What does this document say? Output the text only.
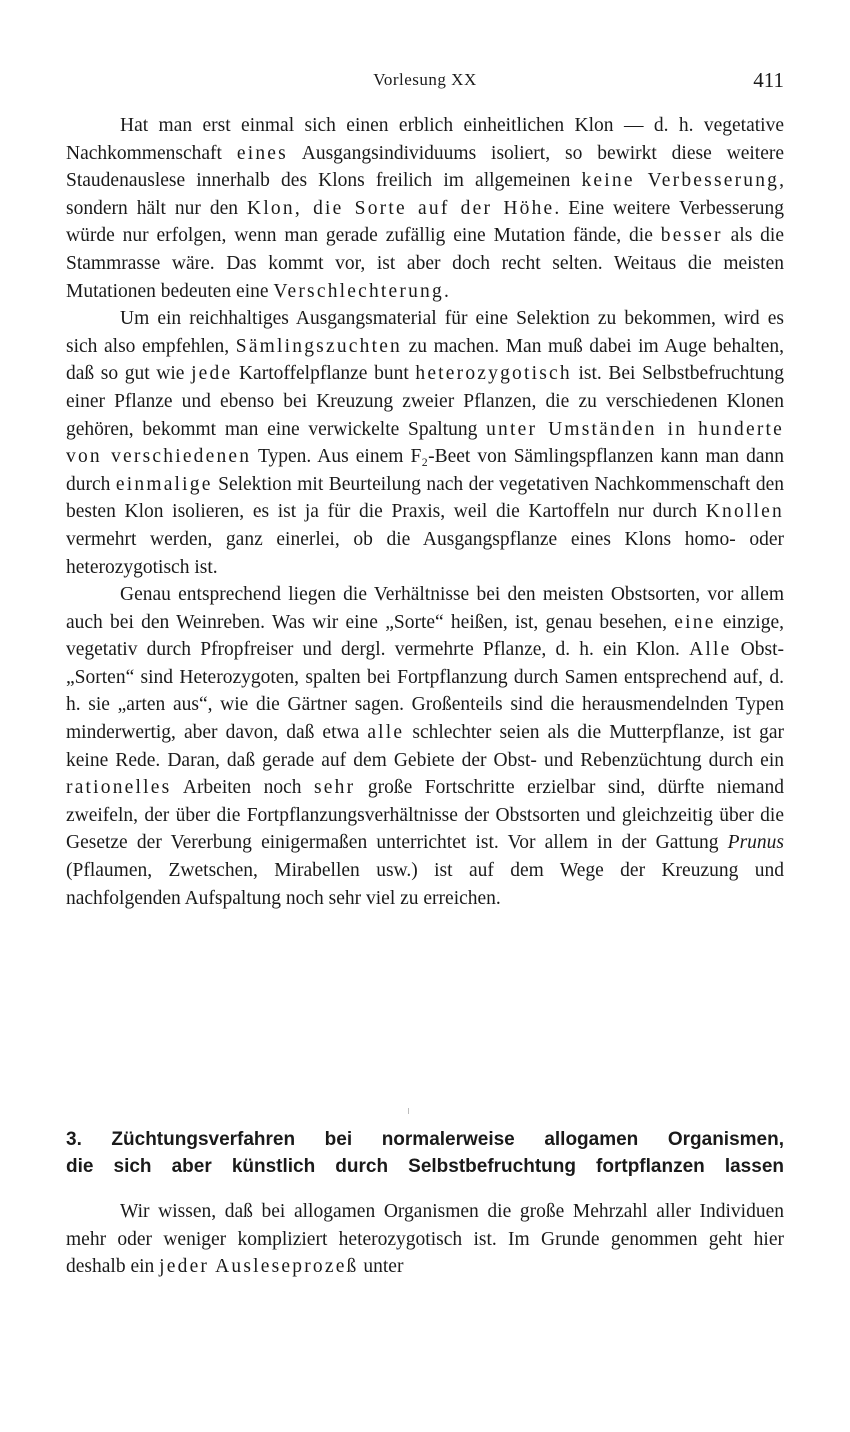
Vorlesung XX	411

Hat man erst einmal sich einen erblich einheitlichen Klon — d. h. vegetative Nachkommenschaft eines Ausgangsindividuums isoliert, so bewirkt diese weitere Staudenauslese innerhalb des Klons freilich im allgemeinen keine Verbesserung, sondern hält nur den Klon, die Sorte auf der Höhe. Eine weitere Verbesserung würde nur erfolgen, wenn man gerade zufällig eine Mutation fände, die besser als die Stammrasse wäre. Das kommt vor, ist aber doch recht selten. Weitaus die meisten Mutationen bedeuten eine Verschlechterung.

Um ein reichhaltiges Ausgangsmaterial für eine Selektion zu bekommen, wird es sich also empfehlen, Sämlingszuchten zu machen. Man muß dabei im Auge behalten, daß so gut wie jede Kartoffelpflanze bunt heterozygotisch ist. Bei Selbstbefruchtung einer Pflanze und ebenso bei Kreuzung zweier Pflanzen, die zu verschiedenen Klonen gehören, bekommt man eine verwickelte Spaltung unter Umständen in hunderte von verschiedenen Typen. Aus einem F₂-Beet von Sämlingspflanzen kann man dann durch einmalige Selektion mit Beurteilung nach der vegetativen Nachkommenschaft den besten Klon isolieren, es ist ja für die Praxis, weil die Kartoffeln nur durch Knollen vermehrt werden, ganz einerlei, ob die Ausgangspflanze eines Klons homo- oder heterozygotisch ist.

Genau entsprechend liegen die Verhältnisse bei den meisten Obstsorten, vor allem auch bei den Weinreben. Was wir eine „Sorte“ heißen, ist, genau besehen, eine einzige, vegetativ durch Pfropfreiser und dergl. vermehrte Pflanze, d. h. ein Klon. Alle Obst-„Sorten“ sind Heterozygoten, spalten bei Fortpflanzung durch Samen entsprechend auf, d. h. sie „arten aus“, wie die Gärtner sagen. Großenteils sind die herausmendelnden Typen minderwertig, aber davon, daß etwa alle schlechter seien als die Mutterpflanze, ist gar keine Rede. Daran, daß gerade auf dem Gebiete der Obst- und Rebenzüchtung durch ein rationelles Arbeiten noch sehr große Fortschritte erzielbar sind, dürfte niemand zweifeln, der über die Fortpflanzungsverhältnisse der Obstsorten und gleichzeitig über die Gesetze der Vererbung einigermaßen unterrichtet ist. Vor allem in der Gattung Prunus (Pflaumen, Zwetschen, Mirabellen usw.) ist auf dem Wege der Kreuzung und nachfolgenden Aufspaltung noch sehr viel zu erreichen.

3. Züchtungsverfahren bei normalerweise allogamen Organismen,
die sich aber künstlich durch Selbstbefruchtung fortpflanzen lassen

Wir wissen, daß bei allogamen Organismen die große Mehrzahl aller Individuen mehr oder weniger kompliziert heterozygotisch ist. Im Grunde genommen geht hier deshalb ein jeder Ausleseprozeß unter
